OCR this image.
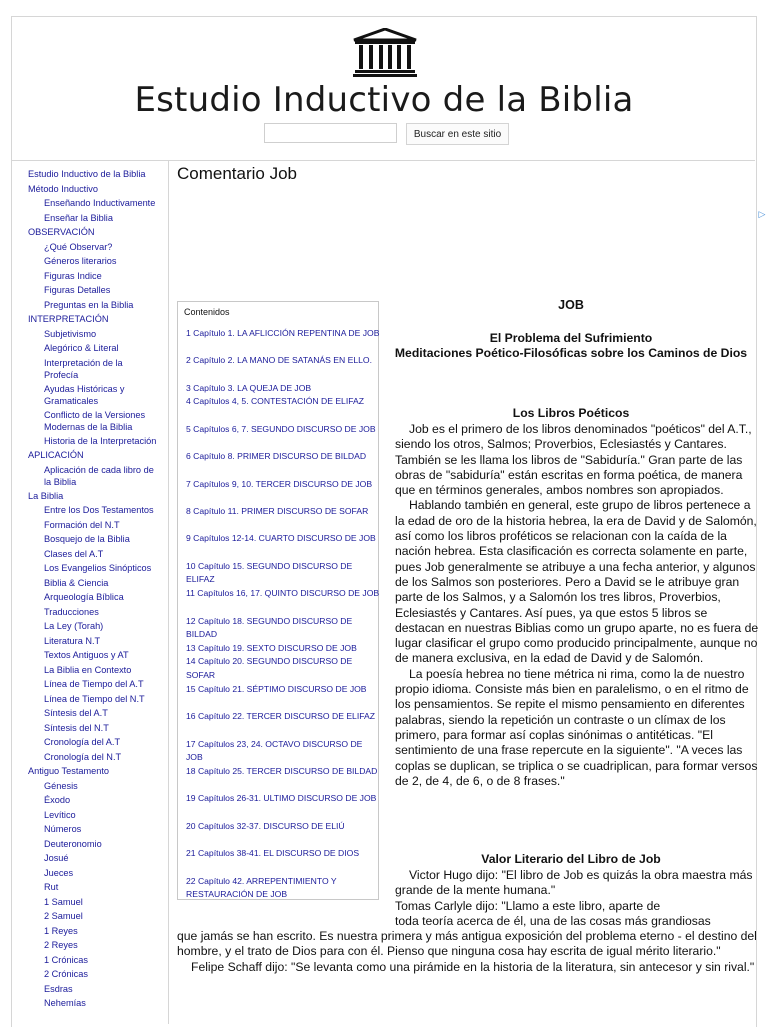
Estudio Inductivo de la Biblia
Buscar en este sitio
Estudio Inductivo de la Biblia
Método Inductivo
Enseñando Inductivamente
Enseñar la Biblia
OBSERVACIÓN
¿Qué Observar?
Géneros literarios
Figuras Indice
Figuras Detalles
Preguntas en la Biblia
INTERPRETACIÓN
Subjetivismo
Alegórico & Literal
Interpretación de la
Profecía
Ayudas Históricas y
Gramaticales
Conflicto de la Versiones
Modernas de la Biblia
Historia de la Interpretación
APLICACIÓN
Aplicación de cada libro de
la Biblia
La Biblia
Entre los Dos Testamentos
Formación del N.T
Bosquejo de la Biblia
Clases del A.T
Los Evangelios Sinópticos
Biblia & Ciencia
Arqueología Bíblica
Traducciones
La Ley (Torah)
Literatura N.T
Textos Antiguos y AT
La Biblia en Contexto
Línea de Tiempo del A.T
Línea de Tiempo del N.T
Síntesis del A.T
Síntesis del N.T
Cronología del A.T
Cronología del N.T
Antiguo Testamento
Génesis
Éxodo
Levítico
Números
Deuteronomio
Josué
Jueces
Rut
1 Samuel
2 Samuel
1 Reyes
2 Reyes
1 Crónicas
2 Crónicas
Esdras
Nehemías
Comentario Job
▷
Contenidos
1 Capítulo 1. LA AFLICCIÓN REPENTINA DE JOB
2 Capítulo 2. LA MANO DE SATANÁS EN ELLO.
3 Capítulo 3. LA QUEJA DE JOB
4 Capítulos 4, 5. CONTESTACIÓN DE ELIFAZ
5 Capítulos 6, 7. SEGUNDO DISCURSO DE JOB
6 Capítulo 8. PRIMER DISCURSO DE BILDAD
7 Capítulos 9, 10. TERCER DISCURSO DE JOB
8 Capítulo 11. PRIMER DISCURSO DE SOFAR
9 Capítulos 12-14. CUARTO DISCURSO DE JOB
10 Capítulo 15. SEGUNDO DISCURSO DE ELIFAZ
11 Capítulos 16, 17. QUINTO DISCURSO DE JOB
12 Capítulo 18. SEGUNDO DISCURSO DE BILDAD
13 Capítulo 19. SEXTO DISCURSO DE JOB
14 Capítulo 20. SEGUNDO DISCURSO DE SOFAR
15 Capítulo 21. SÉPTIMO DISCURSO DE JOB
16 Capítulo 22. TERCER DISCURSO DE ELIFAZ
17 Capítulos 23, 24. OCTAVO DISCURSO DE JOB
18 Capítulo 25. TERCER DISCURSO DE BILDAD
19 Capítulos 26-31. ULTIMO DISCURSO DE JOB
20 Capítulos 32-37. DISCURSO DE ELIÚ
21 Capítulos 38-41. EL DISCURSO DE DIOS
22 Capítulo 42. ARREPENTIMIENTO Y RESTAURACIÓN DE JOB
JOB
El Problema del Sufrimiento
Meditaciones Poético-Filosóficas sobre los Caminos de Dios
Los Libros Poéticos

Job es el primero de los libros denominados "poéticos" del A.T., siendo los otros, Salmos; Proverbios, Eclesiastés y Cantares. También se les llama los libros de "Sabiduría." Gran parte de las obras de "sabiduría" están escritas en forma poética, de manera que en términos generales, ambos nombres son apropiados.

Hablando también en general, este grupo de libros pertenece a la edad de oro de la historia hebrea, la era de David y de Salomón, así como los libros proféticos se relacionan con la caída de la nación hebrea. Esta clasificación es correcta solamente en parte, pues Job generalmente se atribuye a una fecha anterior, y algunos de los Salmos son posteriores. Pero a David se le atribuye gran parte de los Salmos, y a Salomón los tres libros, Proverbios, Eclesiastés y Cantares. Así pues, ya que estos 5 libros se destacan en nuestras Biblias como un grupo aparte, no es fuera de lugar clasificar el grupo como producido principalmente, aunque no de manera exclusiva, en la edad de David y de Salomón.

La poesía hebrea no tiene métrica ni rima, como la de nuestro propio idioma. Consiste más bien en paralelismo, o en el ritmo de los pensamientos. Se repite el mismo pensamiento en diferentes palabras, siendo la repetición un contraste o un clímax de los primero, para formar así coplas sinónimas o antitéticas. "El sentimiento de una frase repercute en la siguiente". "A veces las coplas se duplican, se triplica o se cuadriplican, para formar versos de 2, de 4, de 6, o de 8 frases."

Valor Literario del Libro de Job

Victor Hugo dijo: "El libro de Job es quizás la obra maestra más grande de la mente humana."

Tomas Carlyle dijo: "Llamo a este libro, aparte de

toda teoría acerca de él, una de las cosas más grandiosas

que jamás se han escrito. Es nuestra primera y más antigua exposición del problema eterno - el destino del hombre, y el trato de Dios para con él. Pienso que ninguna cosa hay escrita de igual mérito literario."

Felipe Schaff dijo: "Se levanta como una pirámide en la historia de la literatura, sin antecesor y sin rival."
